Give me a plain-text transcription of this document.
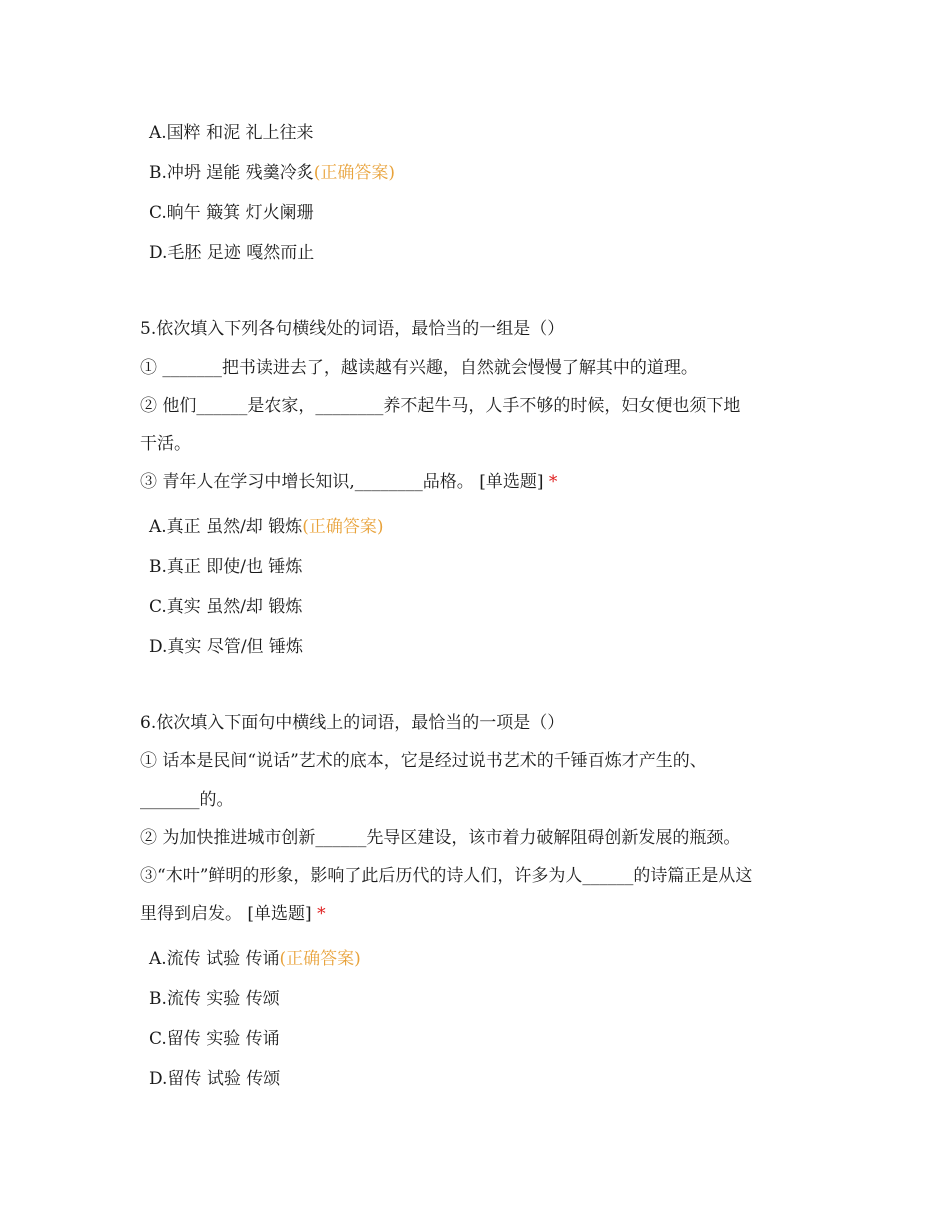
A.国粹 和泥 礼上往来
B.冲坍 逞能 残羹冷炙(正确答案)
C.晌午 簸箕 灯火阑珊
D.毛胚 足迹 嘎然而止
5.依次填入下列各句横线处的词语，最恰当的一组是（）
① _______把书读进去了，越读越有兴趣，自然就会慢慢了解其中的道理。
② 他们______是农家，________养不起牛马，人手不够的时候，妇女便也须下地
干活。
③ 青年人在学习中增长知识,________品格。 [单选题] *
A.真正 虽然/却 锻炼(正确答案)
B.真正 即使/也 锤炼
C.真实 虽然/却 锻炼
D.真实 尽管/但 锤炼
6.依次填入下面句中横线上的词语，最恰当的一项是（）
① 话本是民间“说话”艺术的底本，它是经过说书艺术的千锤百炼才产生的、
_______的。
② 为加快推进城市创新______先导区建设，该市着力破解阻碍创新发展的瓶颈。
③“木叶”鲜明的形象，影响了此后历代的诗人们，许多为人______的诗篇正是从这
里得到启发。 [单选题] *
A.流传 试验 传诵(正确答案)
B.流传 实验 传颂
C.留传 实验 传诵
D.留传 试验 传颂
